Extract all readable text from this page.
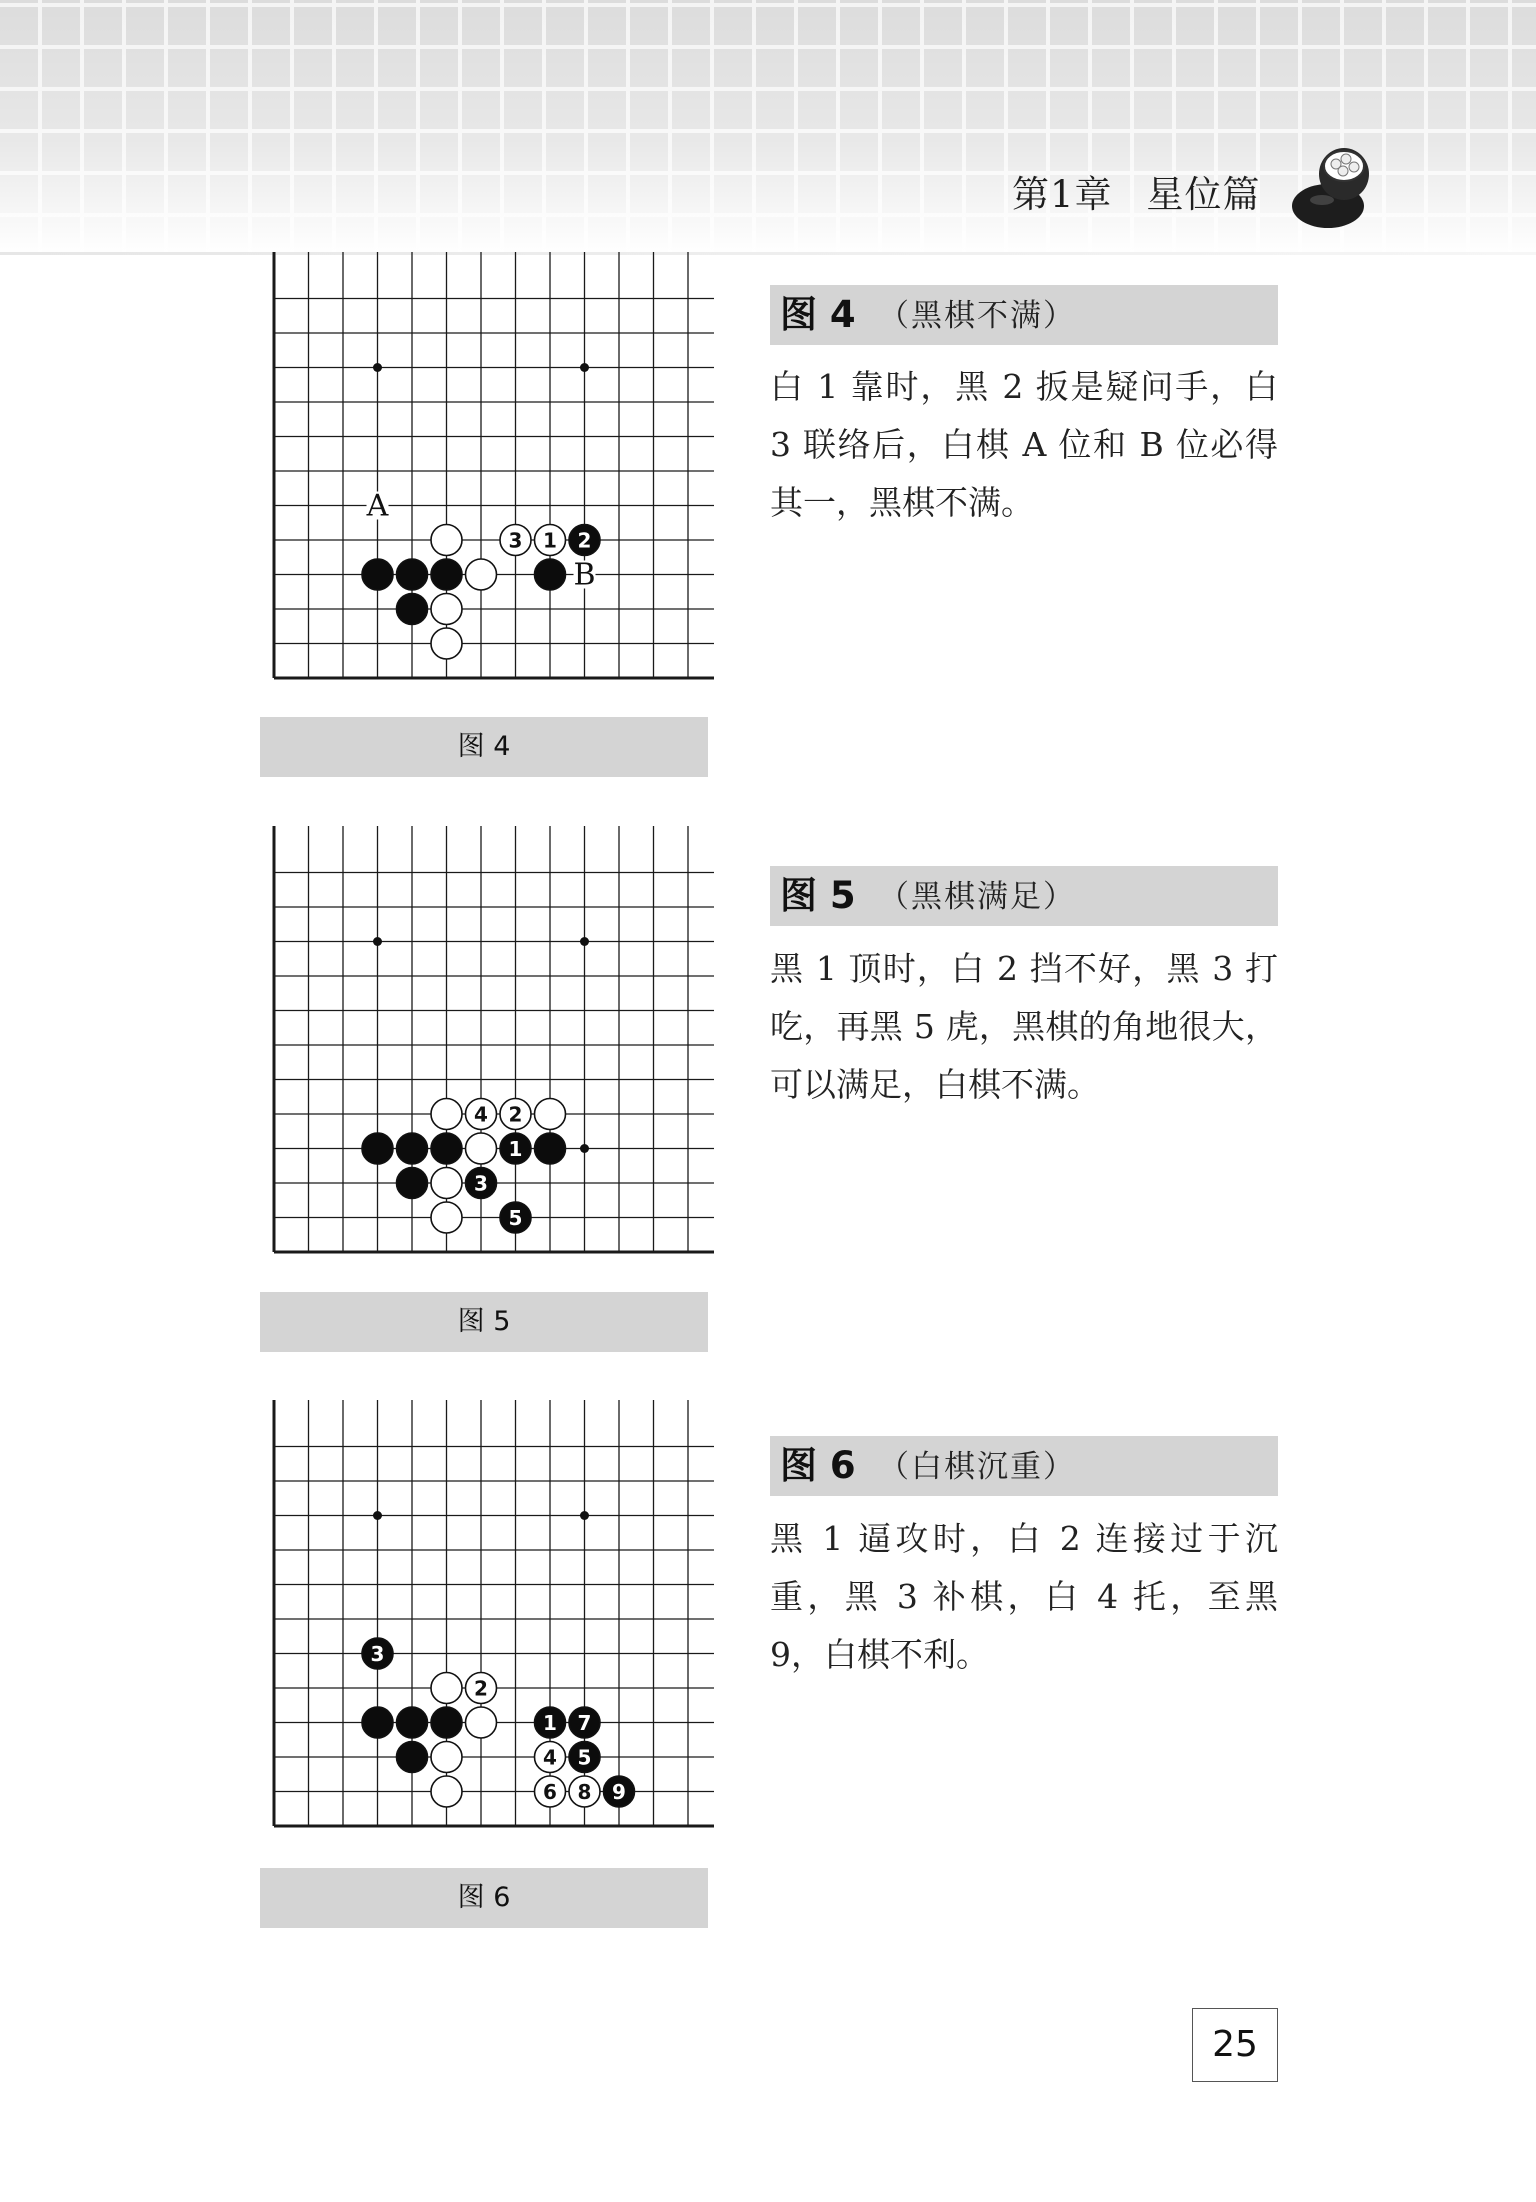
第1章 星位篇
3 1 2
A
B
图 4
图 4 （黑棋不满）

白 1 靠时，黑 2 扳是疑问手，白 3 联络后，白棋 A 位和 B 位必得其一，黑棋不满。

4 2
1
3
5
图 5
图 5 （黑棋满足）

黑 1 顶时，白 2 挡不好，黑 3 打吃，再黑 5 虎，黑棋的角地很大，可以满足，白棋不满。

3
2
1 7
4 5
6 8 9
图 6
图 6 （白棋沉重）

黑 1 逼攻时，白 2 连接过于沉重，黑 3 补棋，白 4 托，至黑 9，白棋不利。

25
